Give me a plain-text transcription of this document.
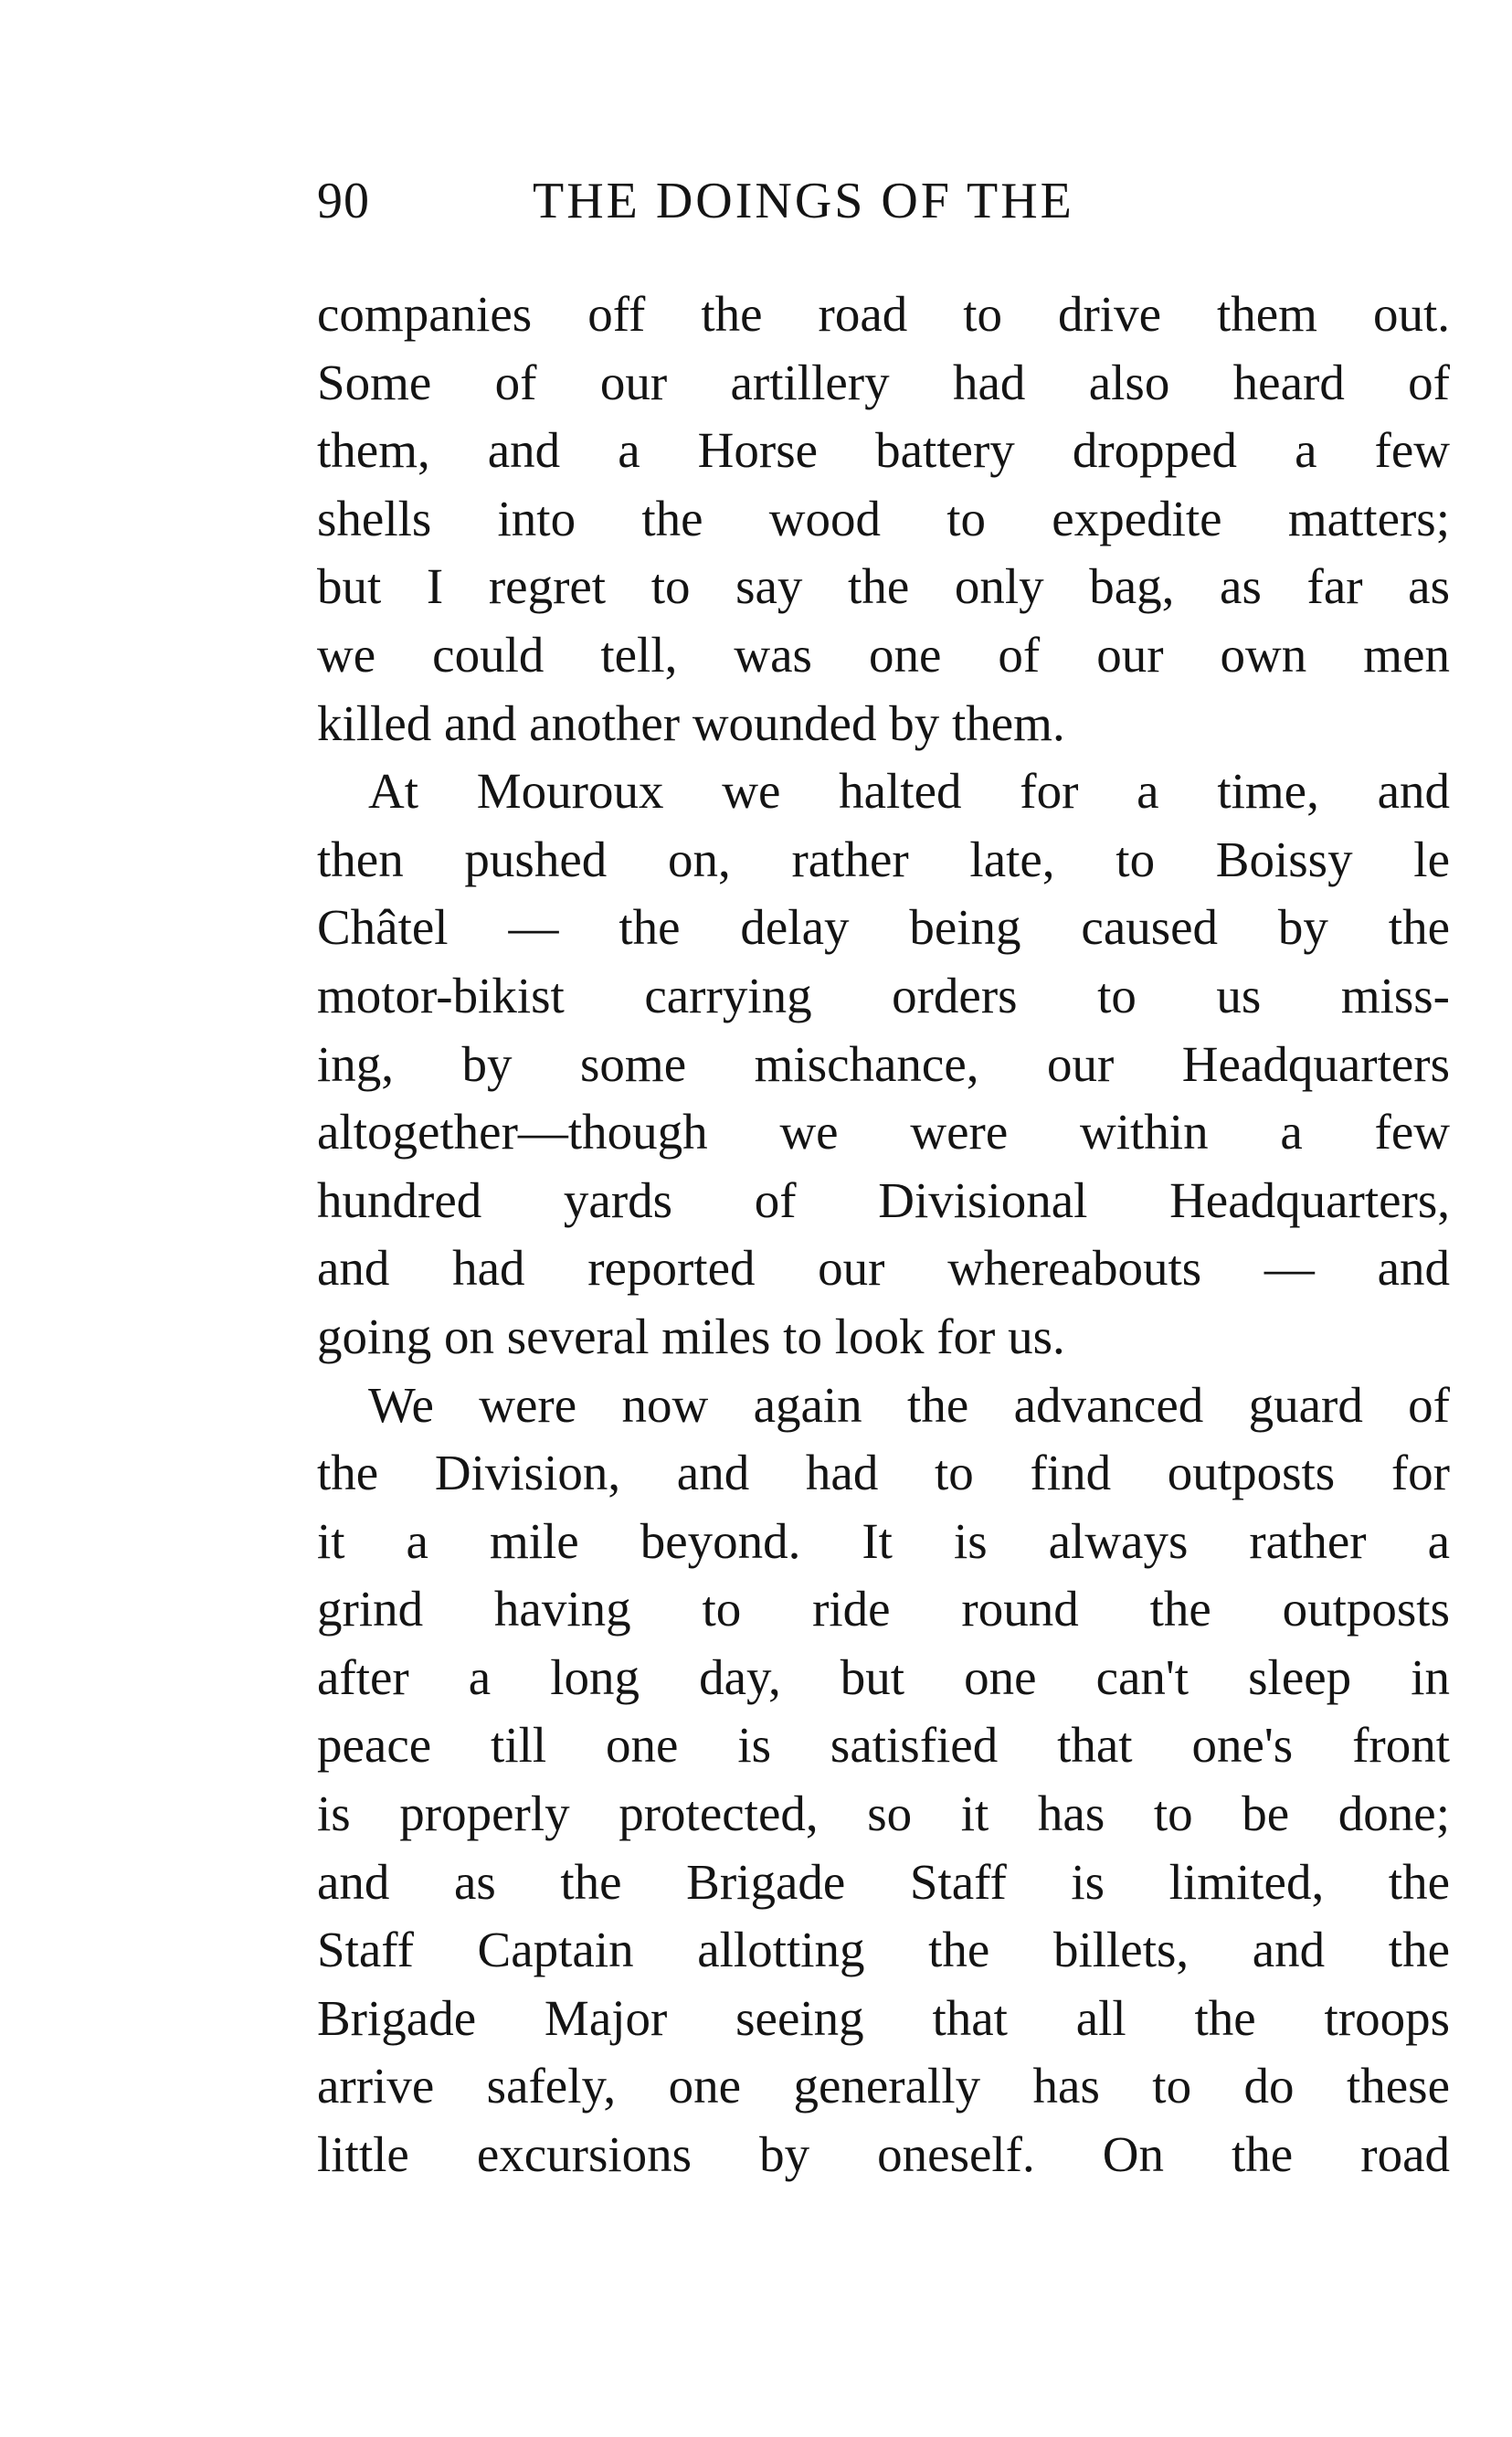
90	THE DOINGS OF THE
companies off the road to drive them out.
Some of our artillery had also heard of
them, and a Horse battery dropped a few
shells into the wood to expedite matters;
but I regret to say the only bag, as far as
we could tell, was one of our own men
killed and another wounded by them.
At Mouroux we halted for a time, and
then pushed on, rather late, to Boissy le
Châtel — the delay being caused by the
motor-bikist carrying orders to us miss-
ing, by some mischance, our Headquarters
altogether—though we were within a few
hundred yards of Divisional Headquarters,
and had reported our whereabouts — and
going on several miles to look for us.
We were now again the advanced guard of
the Division, and had to find outposts for
it a mile beyond. It is always rather a
grind having to ride round the outposts
after a long day, but one can't sleep in
peace till one is satisfied that one's front
is properly protected, so it has to be done;
and as the Brigade Staff is limited, the
Staff Captain allotting the billets, and the
Brigade Major seeing that all the troops
arrive safely, one generally has to do these
little excursions by oneself. On the road
